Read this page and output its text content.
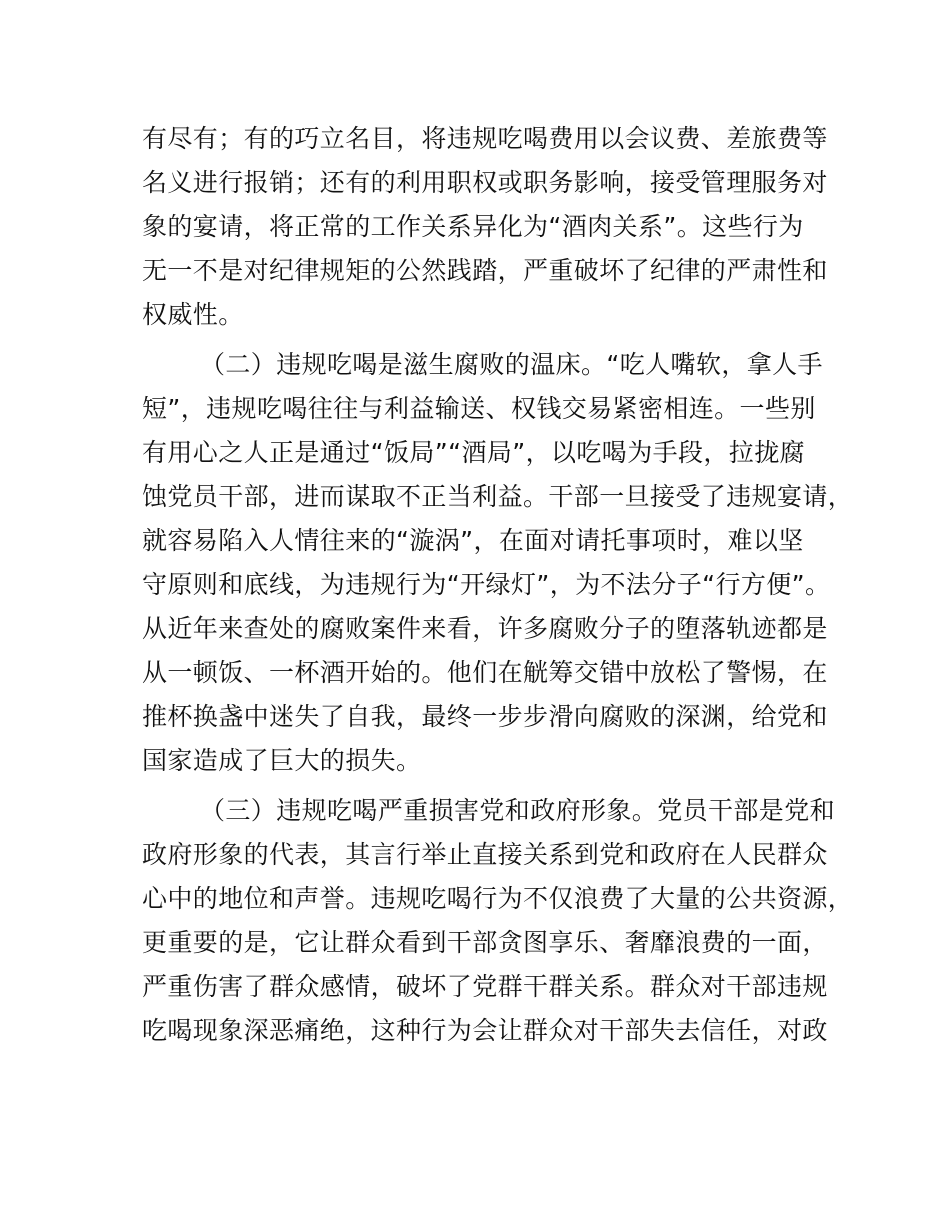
有尽有；有的巧立名目，将违规吃喝费用以会议费、差旅费等
名义进行报销；还有的利用职权或职务影响，接受管理服务对
象的宴请，将正常的工作关系异化为“酒肉关系”。这些行为
无一不是对纪律规矩的公然践踏，严重破坏了纪律的严肃性和
权威性。
（二）违规吃喝是滋生腐败的温床。“吃人嘴软，拿人手
短”，违规吃喝往往与利益输送、权钱交易紧密相连。一些别
有用心之人正是通过“饭局”“酒局”，以吃喝为手段，拉拢腐
蚀党员干部，进而谋取不正当利益。干部一旦接受了违规宴请，
就容易陷入人情往来的“漩涡”，在面对请托事项时，难以坚
守原则和底线，为违规行为“开绿灯”，为不法分子“行方便”。
从近年来查处的腐败案件来看，许多腐败分子的堕落轨迹都是
从一顿饭、一杯酒开始的。他们在觥筹交错中放松了警惕，在
推杯换盏中迷失了自我，最终一步步滑向腐败的深渊，给党和
国家造成了巨大的损失。
（三）违规吃喝严重损害党和政府形象。党员干部是党和
政府形象的代表，其言行举止直接关系到党和政府在人民群众
心中的地位和声誉。违规吃喝行为不仅浪费了大量的公共资源，
更重要的是，它让群众看到干部贪图享乐、奢靡浪费的一面，
严重伤害了群众感情，破坏了党群干群关系。群众对干部违规
吃喝现象深恶痛绝，这种行为会让群众对干部失去信任，对政
